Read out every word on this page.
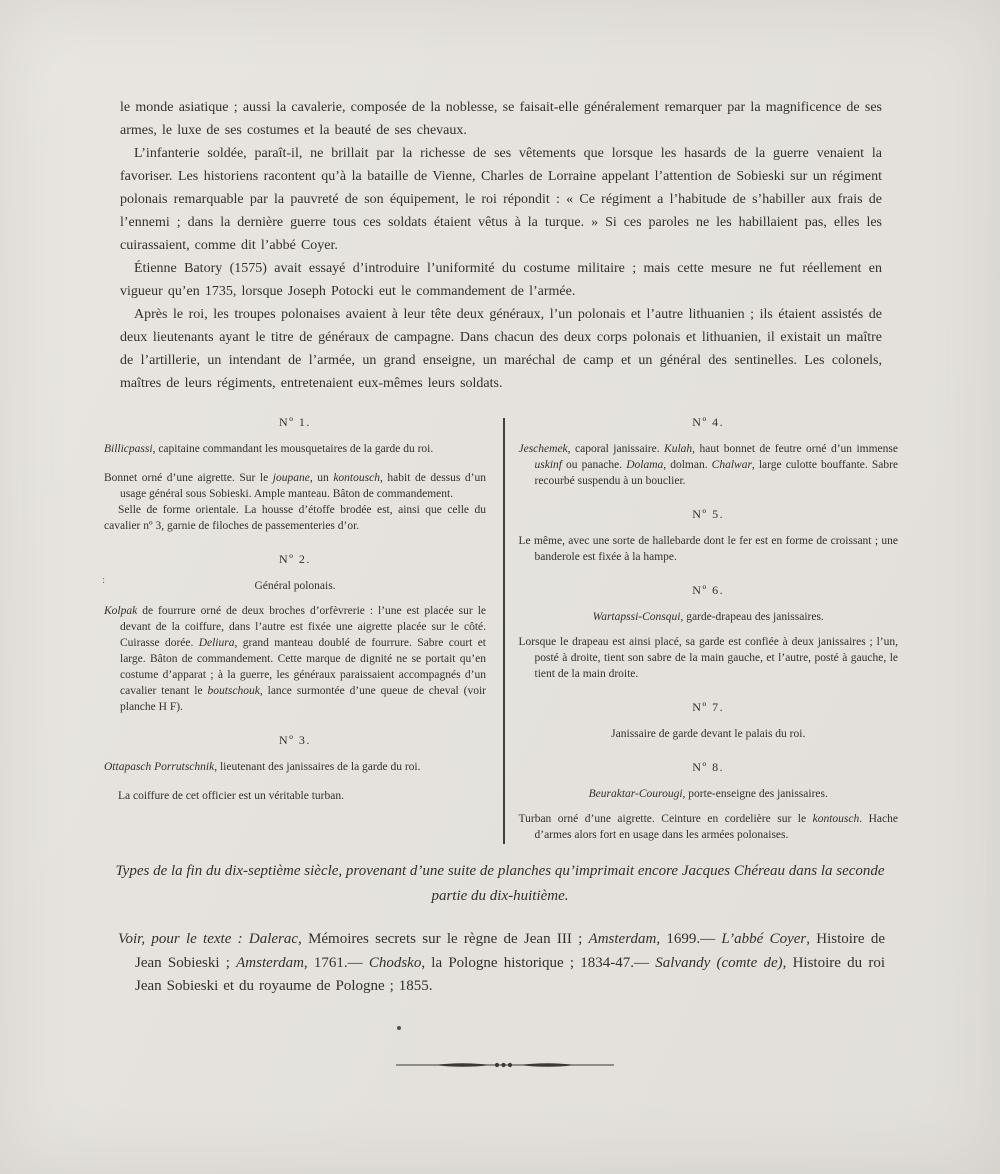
le monde asiatique ; aussi la cavalerie, composée de la noblesse, se faisait-elle généralement remarquer par la magnificence de ses armes, le luxe de ses costumes et la beauté de ses chevaux.

L’infanterie soldée, paraît-il, ne brillait par la richesse de ses vêtements que lorsque les hasards de la guerre venaient la favoriser. Les historiens racontent qu’à la bataille de Vienne, Charles de Lorraine appelant l’attention de Sobieski sur un régiment polonais remarquable par la pauvreté de son équipement, le roi répondit : « Ce régiment a l’habitude de s’habiller aux frais de l’ennemi ; dans la dernière guerre tous ces soldats étaient vêtus à la turque. » Si ces paroles ne les habillaient pas, elles les cuirassaient, comme dit l’abbé Coyer.

Étienne Batory (1575) avait essayé d’introduire l’uniformité du costume militaire ; mais cette mesure ne fut réellement en vigueur qu’en 1735, lorsque Joseph Potocki eut le commandement de l’armée.

Après le roi, les troupes polonaises avaient à leur tête deux généraux, l’un polonais et l’autre lithuanien ; ils étaient assistés de deux lieutenants ayant le titre de généraux de campagne. Dans chacun des deux corps polonais et lithuanien, il existait un maître de l’artillerie, un intendant de l’armée, un grand enseigne, un maréchal de camp et un général des sentinelles. Les colonels, maîtres de leurs régiments, entretenaient eux-mêmes leurs soldats.

:
Nº 1.

Billicpassi, capitaine commandant les mousquetaires de la garde du roi.

Bonnet orné d’une aigrette. Sur le joupane, un kontousch, habit de dessus d’un usage général sous Sobieski. Ample manteau. Bâton de commandement.

Selle de forme orientale. La housse d’étoffe brodée est, ainsi que celle du cavalier nº 3, garnie de filoches de passementeries d’or.

Nº 2.

Général polonais.

Kolpak de fourrure orné de deux broches d’orfèvrerie : l’une est placée sur le devant de la coiffure, dans l’autre est fixée une aigrette placée sur le côté. Cuirasse dorée. Deliura, grand manteau doublé de fourrure. Sabre court et large. Bâton de commandement. Cette marque de dignité ne se portait qu’en costume d’apparat ; à la guerre, les généraux paraissaient accompagnés d’un cavalier tenant le boutschouk, lance surmontée d’une queue de cheval (voir planche H F).

Nº 3.

Ottapasch Porrutschnik, lieutenant des janissaires de la garde du roi.

La coiffure de cet officier est un véritable turban.

Nº 4.

Jeschemek, caporal janissaire. Kulah, haut bonnet de feutre orné d’un immense uskinf ou panache. Dolama, dolman. Chalwar, large culotte bouffante. Sabre recourbé suspendu à un bouclier.

Nº 5.

Le même, avec une sorte de hallebarde dont le fer est en forme de croissant ; une banderole est fixée à la hampe.

Nº 6.

Wartapssi-Consqui, garde-drapeau des janissaires.

Lorsque le drapeau est ainsi placé, sa garde est confiée à deux janissaires ; l’un, posté à droite, tient son sabre de la main gauche, et l’autre, posté à gauche, le tient de la main droite.

Nº 7.

Janissaire de garde devant le palais du roi.

Nº 8.

Beuraktar-Courougi, porte-enseigne des janissaires.

Turban orné d’une aigrette. Ceinture en cordelière sur le kontousch. Hache d’armes alors fort en usage dans les armées polonaises.

Types de la fin du dix-septième siècle, provenant d’une suite de planches qu’imprimait encore Jacques Chéreau dans la seconde partie du dix-huitième.

Voir, pour le texte : Dalerac, Mémoires secrets sur le règne de Jean III ; Amsterdam, 1699.— L’abbé Coyer, Histoire de Jean Sobieski ; Amsterdam, 1761.— Chodsko, la Pologne historique ; 1834-47.— Salvandy (comte de), Histoire du roi Jean Sobieski et du royaume de Pologne ; 1855.
